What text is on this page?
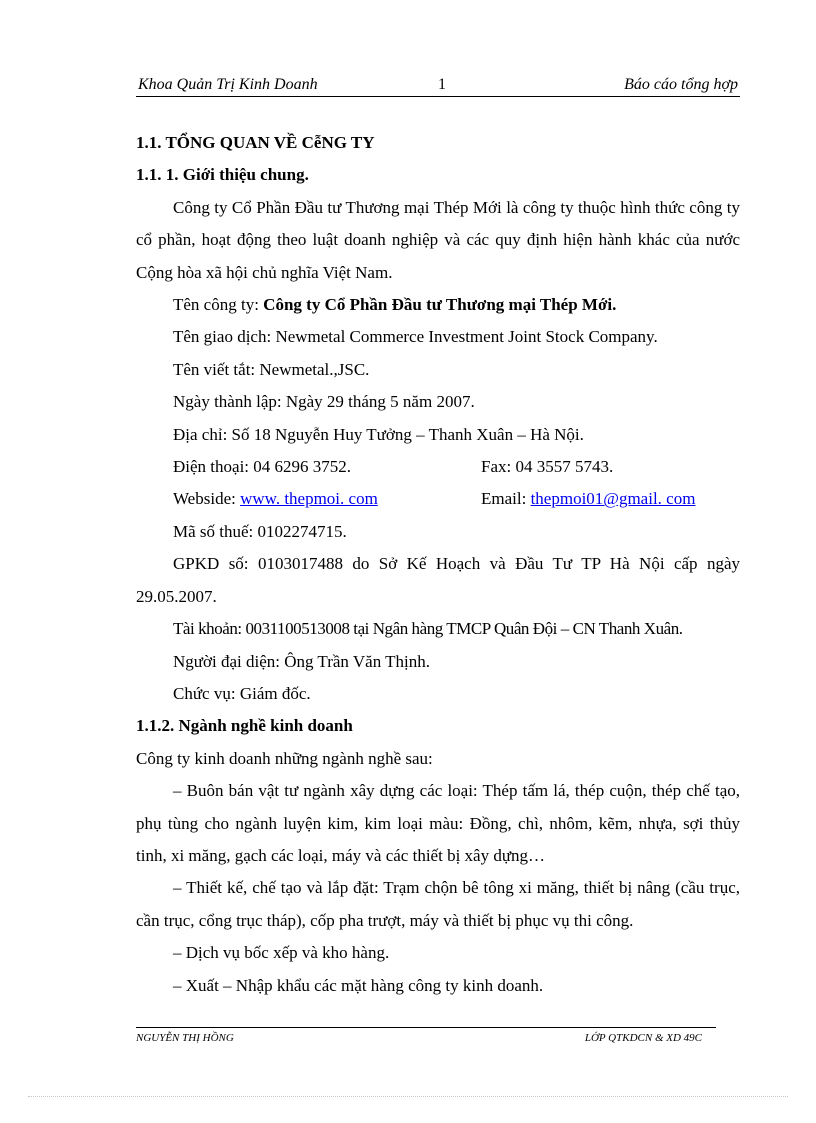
Khoa Quản Trị Kinh Doanh	1	Báo cáo tổng hợp

1.1. TỔNG QUAN VỀ CễNG TY

1.1. 1. Giới thiệu chung.

Công ty Cổ Phần Đầu tư Thương mại Thép Mới là công ty thuộc hình thức công ty cổ phần, hoạt động theo luật doanh nghiệp và các quy định hiện hành khác của nước Cộng hòa xã hội chủ nghĩa Việt Nam.

Tên công ty: Công ty Cổ Phần Đầu tư Thương mại Thép Mới.

Tên giao dịch: Newmetal Commerce Investment Joint Stock Company.

Tên viết tắt: Newmetal.,JSC.

Ngày thành lập: Ngày 29 tháng 5 năm 2007.

Địa chỉ: Số 18 Nguyễn Huy Tưởng – Thanh Xuân – Hà Nội.

Điện thoại: 04 6296 3752.	Fax: 04 3557 5743.

Webside: www. thepmoi. com	Email: thepmoi01@gmail. com

Mã số thuế: 0102274715.

GPKD số: 0103017488 do Sở Kế Hoạch và Đầu Tư TP Hà Nội cấp ngày

29.05.2007.

Tài khoản: 0031100513008 tại Ngân hàng TMCP Quân Đội – CN Thanh Xuân.

Người đại diện: Ông Trần Văn Thịnh.

Chức vụ: Giám đốc.

1.1.2. Ngành nghề kinh doanh

Công ty kinh doanh những ngành nghề sau:

– Buôn bán vật tư ngành xây dựng các loại: Thép tấm lá, thép cuộn, thép chế tạo, phụ tùng cho ngành luyện kim, kim loại màu: Đồng, chì, nhôm, kẽm, nhựa, sợi thủy tinh, xi măng, gạch các loại, máy và các thiết bị xây dựng…

– Thiết kế, chế tạo và lắp đặt: Trạm chộn bê tông xi măng, thiết bị nâng (cầu trục, cần trục, cổng trục tháp), cốp pha trượt, máy và thiết bị phục vụ thi công.

– Dịch vụ bốc xếp và kho hàng.

– Xuất – Nhập khẩu các mặt hàng công ty kinh doanh.

NGUYỄN THỊ HỒNG	LỚP QTKDCN & XD 49C
